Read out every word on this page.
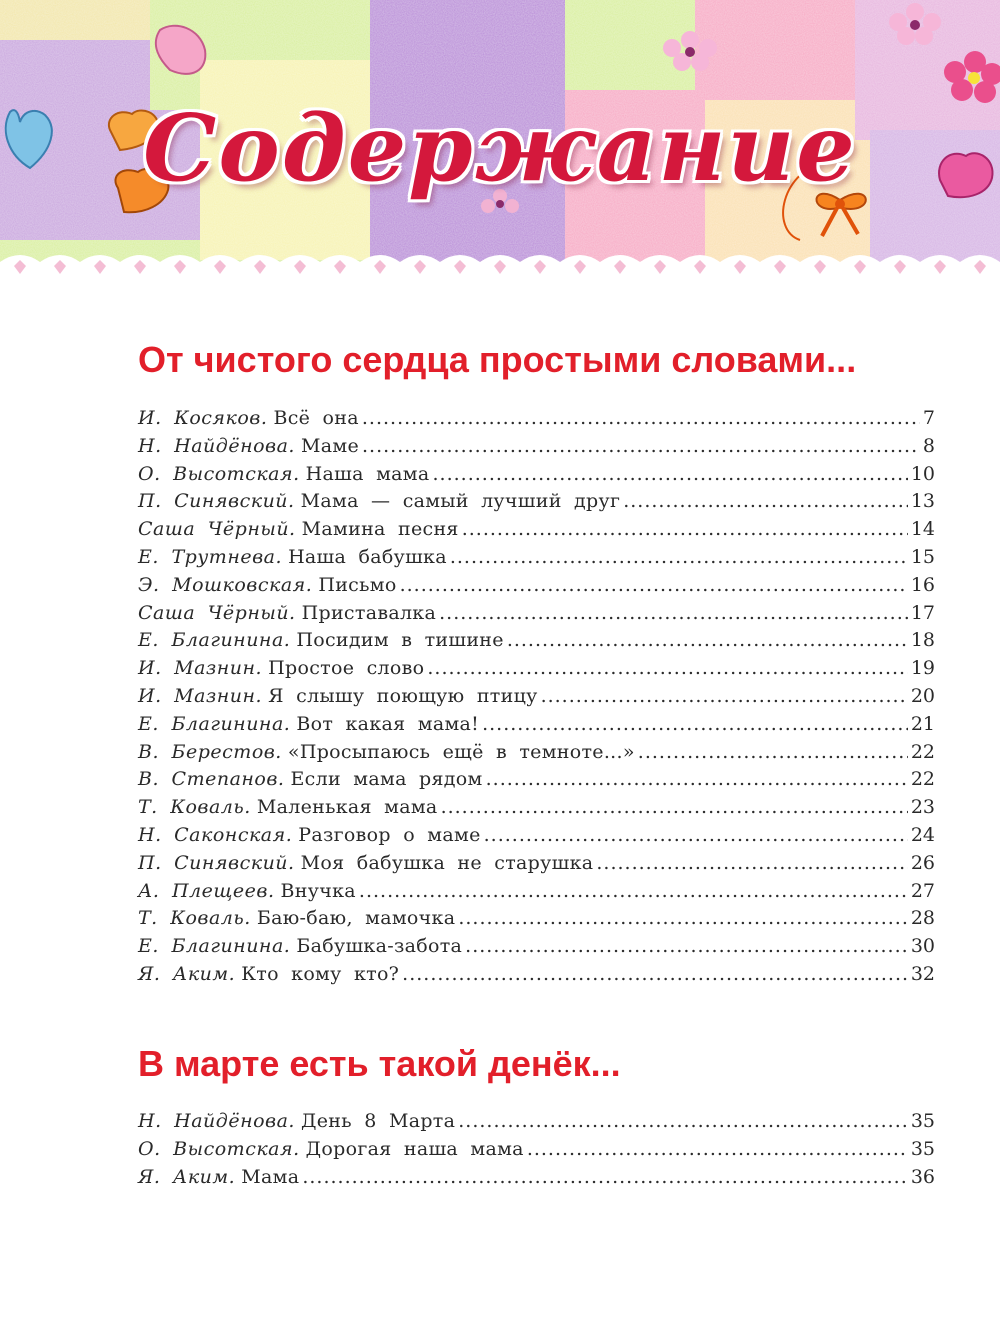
Содержание
От чистого сердца простыми словами...
И. Косяков.
Всё она .....	7
Н. Найдёнова.
Маме .....	8
О. Высотская.
Наша мама .....	10
П. Синявский.
Мама — самый лучший друг .....	13
Саша Чёрный.
Мамина песня .....	14
Е. Трутнева.
Наша бабушка .....	15
Э. Мошковская.
Письмо .....	16
Саша Чёрный.
Приставалка .....	17
Е. Благинина.
Посидим в тишине .....	18
И. Мазнин.
Простое слово .....	19
И. Мазнин.
Я слышу поющую птицу .....	20
Е. Благинина.
Вот какая мама! .....	21
В. Берестов.
«Просыпаюсь ещё в темноте...» .....	22
В. Степанов.
Если мама рядом .....	22
Т. Коваль.
Маленькая мама .....	23
Н. Саконская.
Разговор о маме .....	24
П. Синявский.
Моя бабушка не старушка .....	26
А. Плещеев.
Внучка .....	27
Т. Коваль.
Баю-баю, мамочка .....	28
Е. Благинина.
Бабушка-забота .....	30
Я. Аким.
Кто кому кто? .....	32
В марте есть такой денёк...
Н. Найдёнова.
День 8 Марта .....	35
О. Высотская.
Дорогая наша мама .....	35
Я. Аким.
Мама .....	36
